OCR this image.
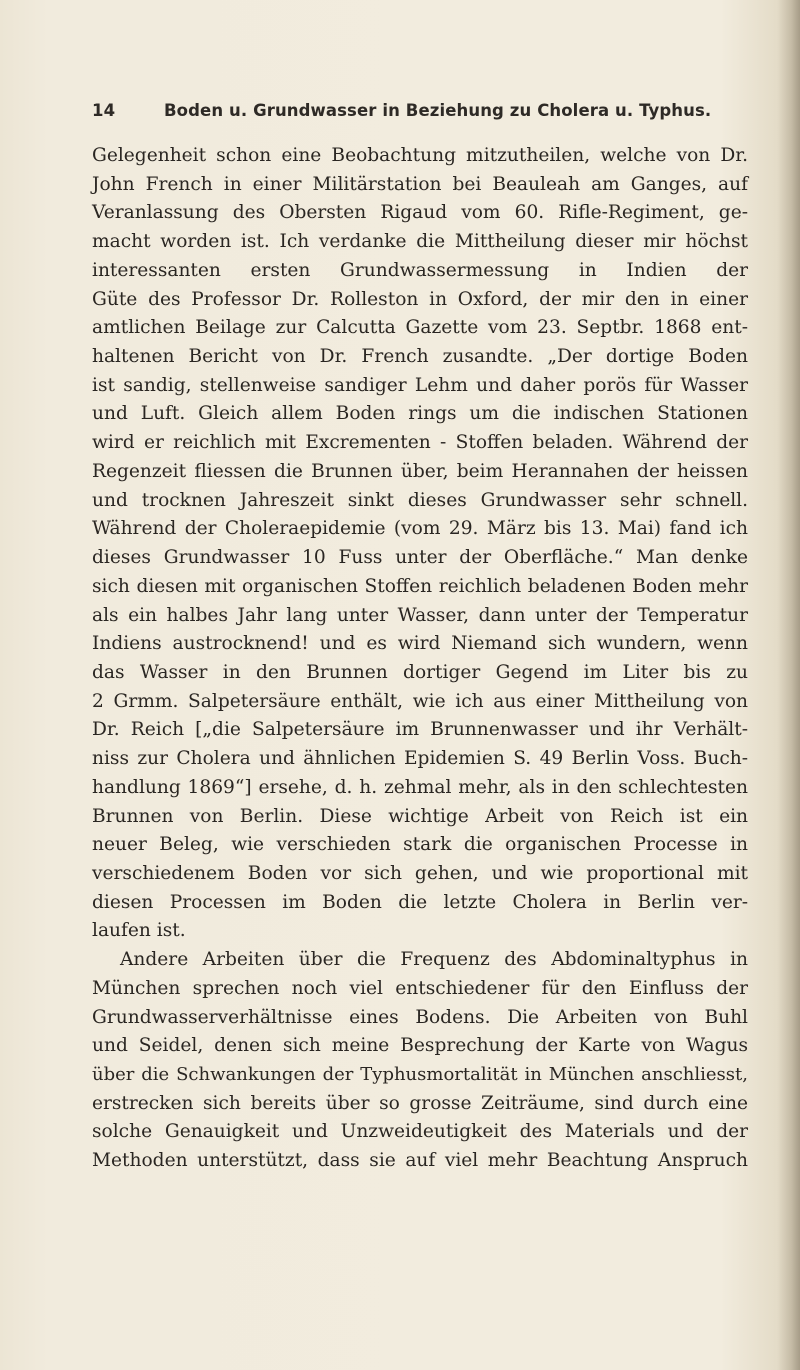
14	Boden u. Grundwasser in Beziehung zu Cholera u. Typhus.
Gelegenheit schon eine Beobachtung mitzutheilen, welche von Dr.
John French in einer Militärstation bei Beauleah am Ganges, auf
Veranlassung des Obersten Rigaud vom 60. Rifle-Regiment, ge-
macht worden ist. Ich verdanke die Mittheilung dieser mir höchst
interessanten ersten Grundwassermessung in Indien der
Güte des Professor Dr. Rolleston in Oxford, der mir den in einer
amtlichen Beilage zur Calcutta Gazette vom 23. Septbr. 1868 ent-
haltenen Bericht von Dr. French zusandte. „Der dortige Boden
ist sandig, stellenweise sandiger Lehm und daher porös für Wasser
und Luft. Gleich allem Boden rings um die indischen Stationen
wird er reichlich mit Excrementen - Stoffen beladen. Während der
Regenzeit fliessen die Brunnen über, beim Herannahen der heissen
und trocknen Jahreszeit sinkt dieses Grundwasser sehr schnell.
Während der Choleraepidemie (vom 29. März bis 13. Mai) fand ich
dieses Grundwasser 10 Fuss unter der Oberfläche.“ Man denke
sich diesen mit organischen Stoffen reichlich beladenen Boden mehr
als ein halbes Jahr lang unter Wasser, dann unter der Temperatur
Indiens austrocknend! und es wird Niemand sich wundern, wenn
das Wasser in den Brunnen dortiger Gegend im Liter bis zu
2 Grmm. Salpetersäure enthält, wie ich aus einer Mittheilung von
Dr. Reich [„die Salpetersäure im Brunnenwasser und ihr Verhält-
niss zur Cholera und ähnlichen Epidemien S. 49 Berlin Voss. Buch-
handlung 1869“] ersehe, d. h. zehmal mehr, als in den schlechtesten
Brunnen von Berlin. Diese wichtige Arbeit von Reich ist ein
neuer Beleg, wie verschieden stark die organischen Processe in
verschiedenem Boden vor sich gehen, und wie proportional mit
diesen Processen im Boden die letzte Cholera in Berlin ver-
laufen ist.
Andere Arbeiten über die Frequenz des Abdominaltyphus in
München sprechen noch viel entschiedener für den Einfluss der
Grundwasserverhältnisse eines Bodens. Die Arbeiten von Buhl
und Seidel, denen sich meine Besprechung der Karte von Wagus
über die Schwankungen der Typhusmortalität in München anschliesst,
erstrecken sich bereits über so grosse Zeiträume, sind durch eine
solche Genauigkeit und Unzweideutigkeit des Materials und der
Methoden unterstützt, dass sie auf viel mehr Beachtung Anspruch
